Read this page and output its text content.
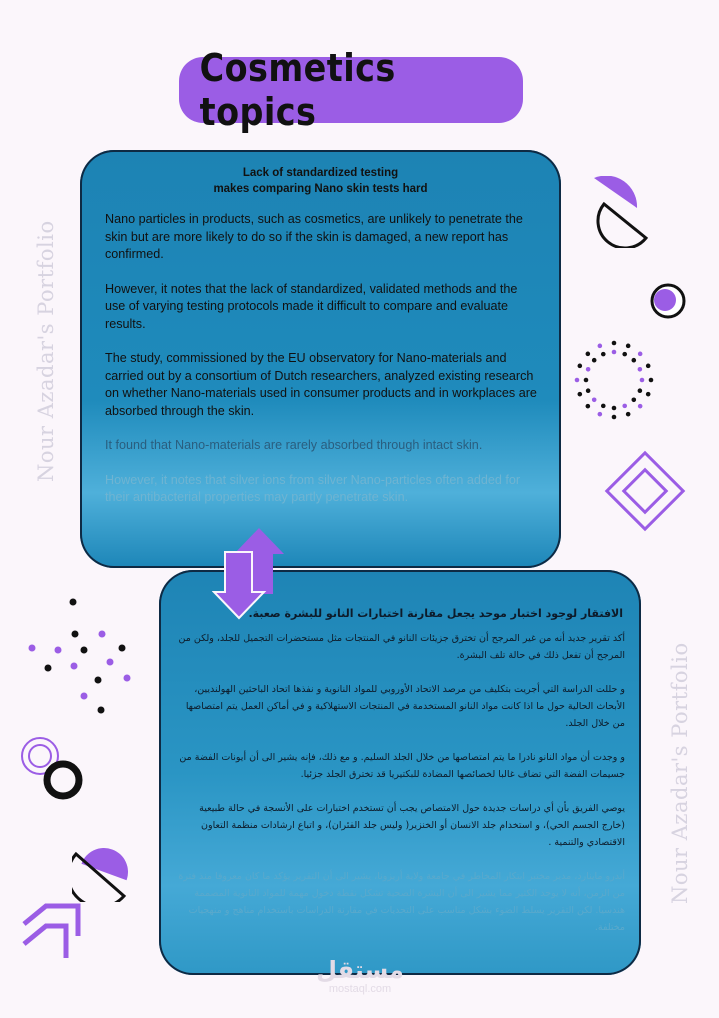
Cosmetics topics
Nour Azadar's Portfolio
Nour Azadar's Portfolio
Lack of standardized testing
makes comparing Nano skin tests hard

Nano particles in products, such as cosmetics, are unlikely to penetrate the skin but are more likely to do so if the skin is damaged, a new report has confirmed.

However, it notes that the lack of standardized, validated methods and the use of varying testing protocols made it difficult to compare and evaluate results.

The study, commissioned by the EU observatory for Nano-materials and carried out by a consortium of Dutch researchers, analyzed existing research on whether Nano-materials used in consumer products and in workplaces are absorbed through the skin.

It found that Nano-materials are rarely absorbed through intact skin.

However, it notes that silver ions from silver Nano-particles often added for their antibacterial properties may partly penetrate skin.

الافتقار لوجود اختبار موحد يجعل مقارنة اختبارات النانو للبشرة صعبة.

أكد تقرير جديد أنه من غير المرجح أن تخترق جزيئات النانو في المنتجات مثل مستحضرات التجميل للجلد، ولكن من المرجح أن تفعل ذلك في حالة تلف البشرة.

و حللت الدراسة التي أجريت بتكليف من مرصد الاتحاد الأوروبي للمواد النانوية و نفذها اتحاد الباحثين الهولنديين، الأبحاث الحالية حول ما اذا كانت مواد النانو المستخدمة في المنتجات الاستهلاكية و في أماكن العمل يتم امتصاصها من خلال الجلد.

و وجدت أن مواد النانو نادرا ما يتم امتصاصها من خلال الجلد السليم. و مع ذلك، فإنه يشير الى أن أيونات الفضة من جسيمات الفضة التي تضاف غالبا لخصائصها المضادة للبكتيريا قد تخترق الجلد جزئيا.

يوصي الفريق بأن أي دراسات جديدة حول الامتصاص يجب أن تستخدم اختبارات على الأنسجة في حالة طبيعية (خارج الجسم الحي)، و استخدام جلد الانسان أو الخنزير( وليس جلد الفئران)، و اتباع ارشادات منظمة التعاون الاقتصادي والتنمية .

أندرو ماينارد، مدير مختبر ابتكار المخاطر في جامعة ولاية أريزونا، يشير الى أن التقرير يؤكد ما كان معروفا منذ فترة من الزمن، أنه لا يوجد الكثير مما يشير الى أن البشرة الصحية تشكل نقطة دخول مهمة للمواد النانوية المصممة هندسيا. لكن التقرير يسلط الضوء بشكل مناسب على التحديات في مقارنة الدراسات باستخدام مناهج و منهجيات مختلفة.

مستقل
mostaql.com
